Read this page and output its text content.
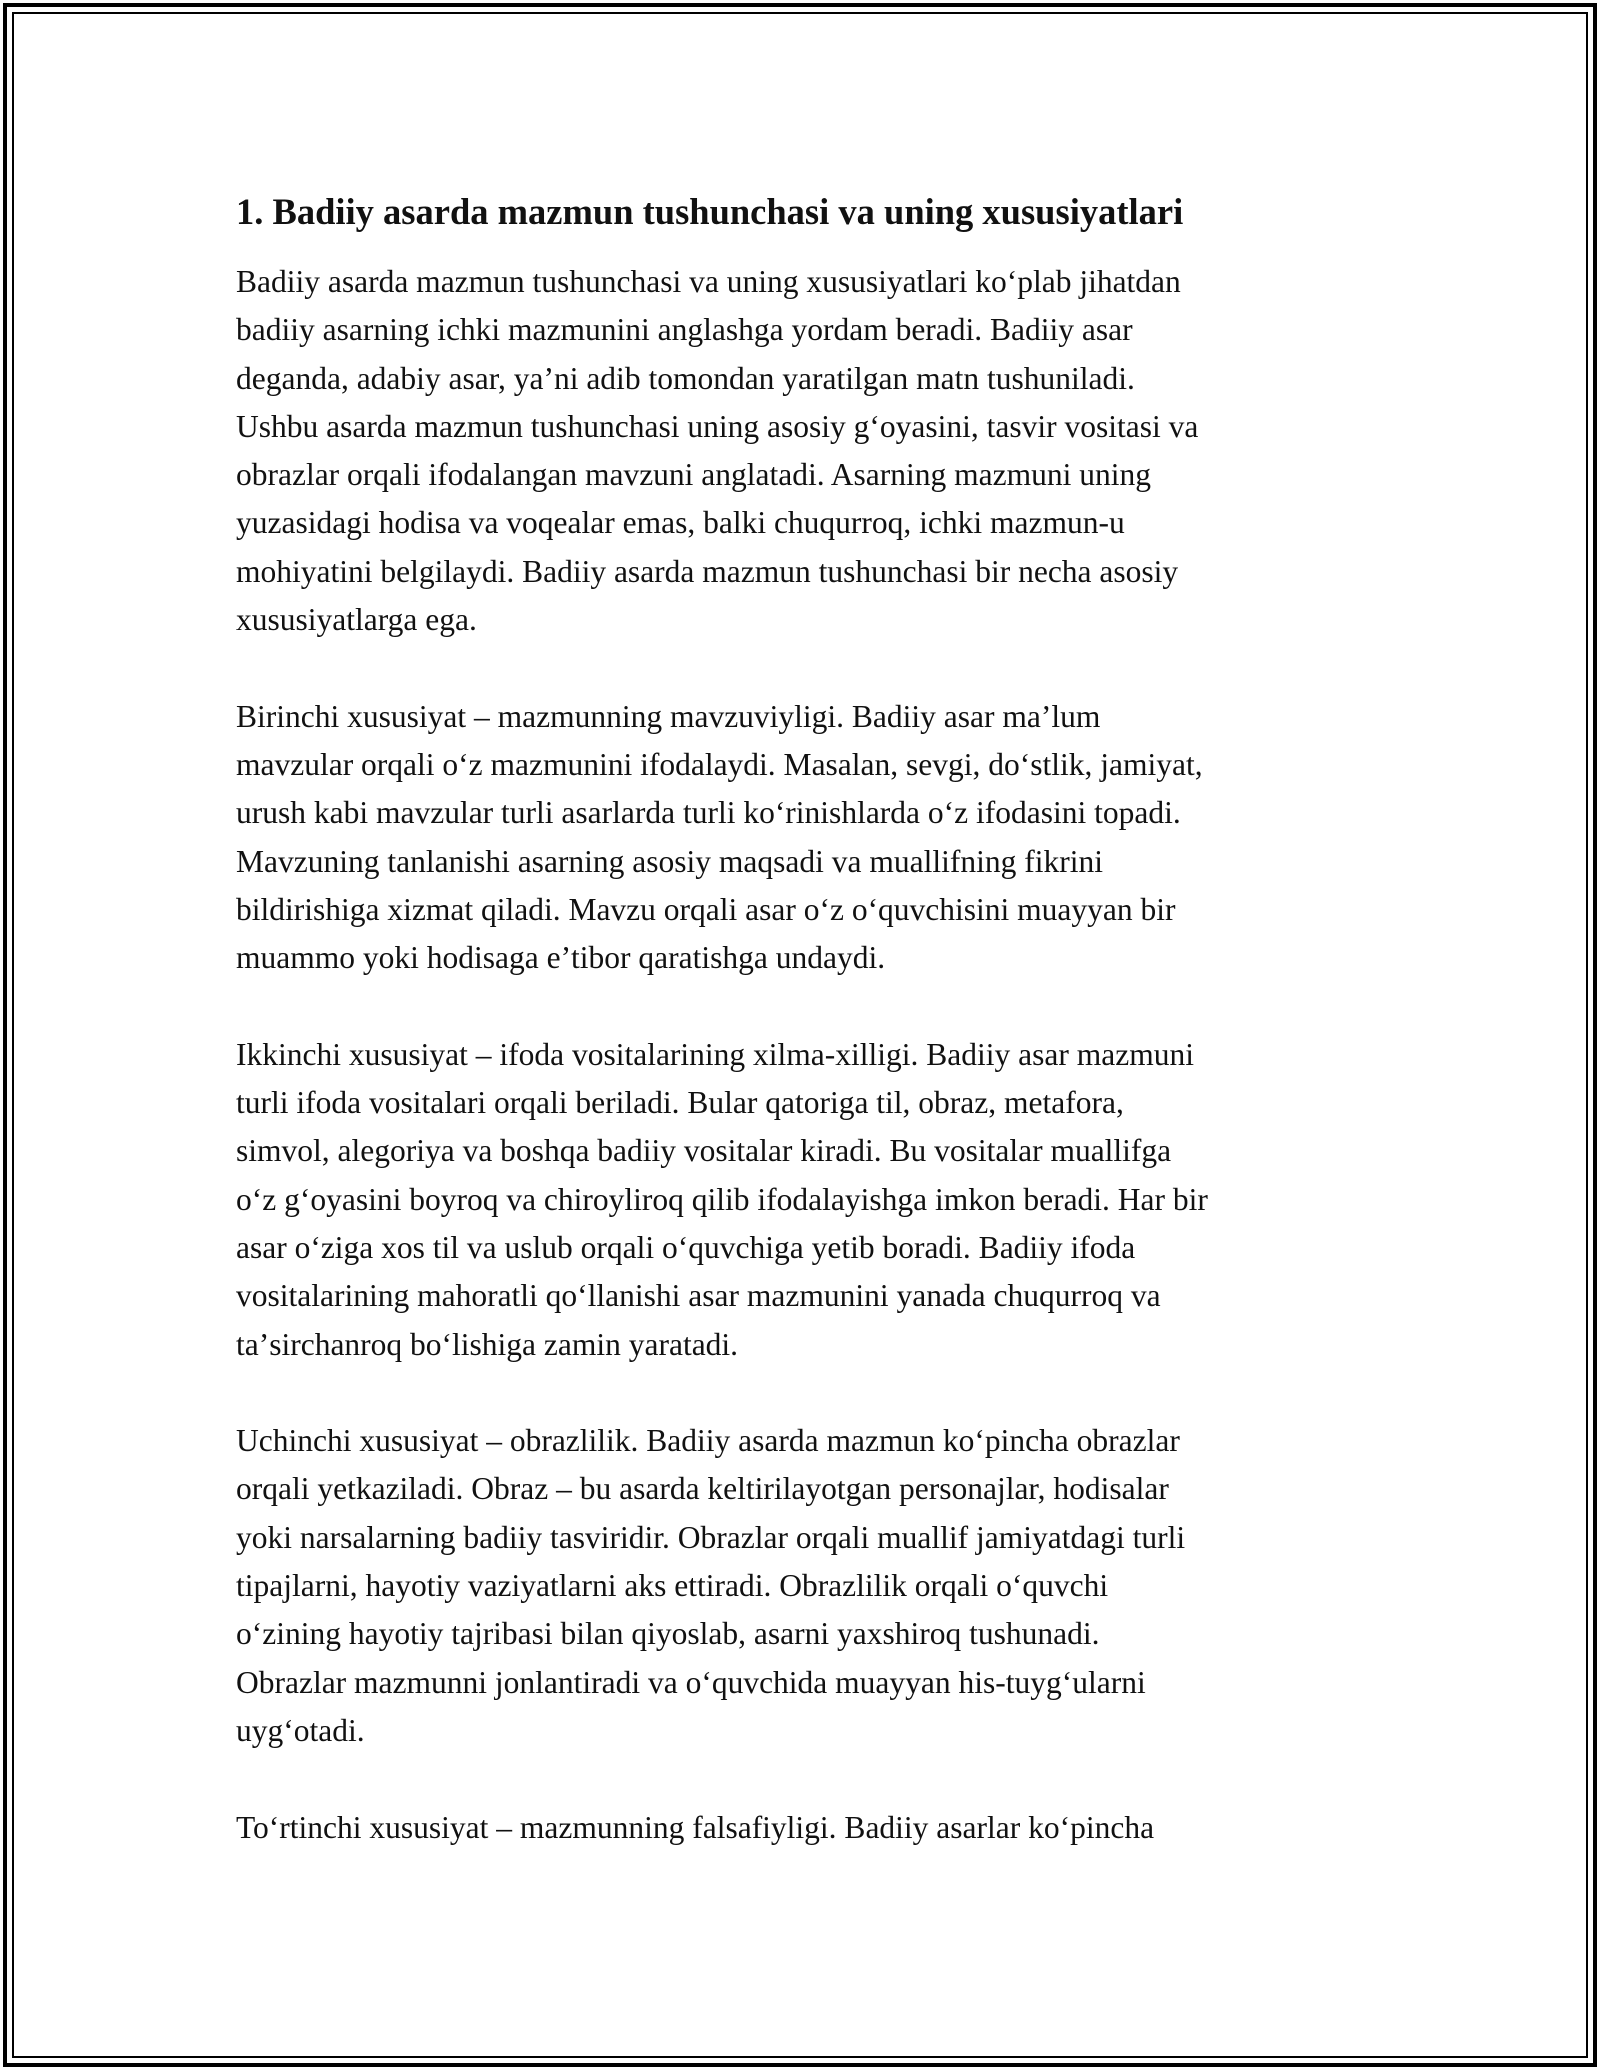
1. Badiiy asarda mazmun tushunchasi va uning xususiyatlari
Badiiy asarda mazmun tushunchasi va uning xususiyatlari koʻplab jihatdan
badiiy asarning ichki mazmunini anglashga yordam beradi. Badiiy asar
deganda, adabiy asar, yaʼni adib tomondan yaratilgan matn tushuniladi.
Ushbu asarda mazmun tushunchasi uning asosiy gʻoyasini, tasvir vositasi va
obrazlar orqali ifodalangan mavzuni anglatadi. Asarning mazmuni uning
yuzasidagi hodisa va voqealar emas, balki chuqurroq, ichki mazmun-u
mohiyatini belgilaydi. Badiiy asarda mazmun tushunchasi bir necha asosiy
xususiyatlarga ega.
Birinchi xususiyat – mazmunning mavzuviyligi. Badiiy asar maʼlum
mavzular orqali oʻz mazmunini ifodalaydi. Masalan, sevgi, doʻstlik, jamiyat,
urush kabi mavzular turli asarlarda turli koʻrinishlarda oʻz ifodasini topadi.
Mavzuning tanlanishi asarning asosiy maqsadi va muallifning fikrini
bildirishiga xizmat qiladi. Mavzu orqali asar oʻz oʻquvchisini muayyan bir
muammo yoki hodisaga eʼtibor qaratishga undaydi.
Ikkinchi xususiyat – ifoda vositalarining xilma-xilligi. Badiiy asar mazmuni
turli ifoda vositalari orqali beriladi. Bular qatoriga til, obraz, metafora,
simvol, alegoriya va boshqa badiiy vositalar kiradi. Bu vositalar muallifga
oʻz gʻoyasini boyroq va chiroyliroq qilib ifodalayishga imkon beradi. Har bir
asar oʻziga xos til va uslub orqali oʻquvchiga yetib boradi. Badiiy ifoda
vositalarining mahoratli qoʻllanishi asar mazmunini yanada chuqurroq va
taʼsirchanroq boʻlishiga zamin yaratadi.
Uchinchi xususiyat – obrazlilik. Badiiy asarda mazmun koʻpincha obrazlar
orqali yetkaziladi. Obraz – bu asarda keltirilayotgan personajlar, hodisalar
yoki narsalarning badiiy tasviridir. Obrazlar orqali muallif jamiyatdagi turli
tipajlarni, hayotiy vaziyatlarni aks ettiradi. Obrazlilik orqali oʻquvchi
oʻzining hayotiy tajribasi bilan qiyoslab, asarni yaxshiroq tushunadi.
Obrazlar mazmunni jonlantiradi va oʻquvchida muayyan his-tuygʻularni
uygʻotadi.
Toʻrtinchi xususiyat – mazmunning falsafiyligi. Badiiy asarlar koʻpincha
